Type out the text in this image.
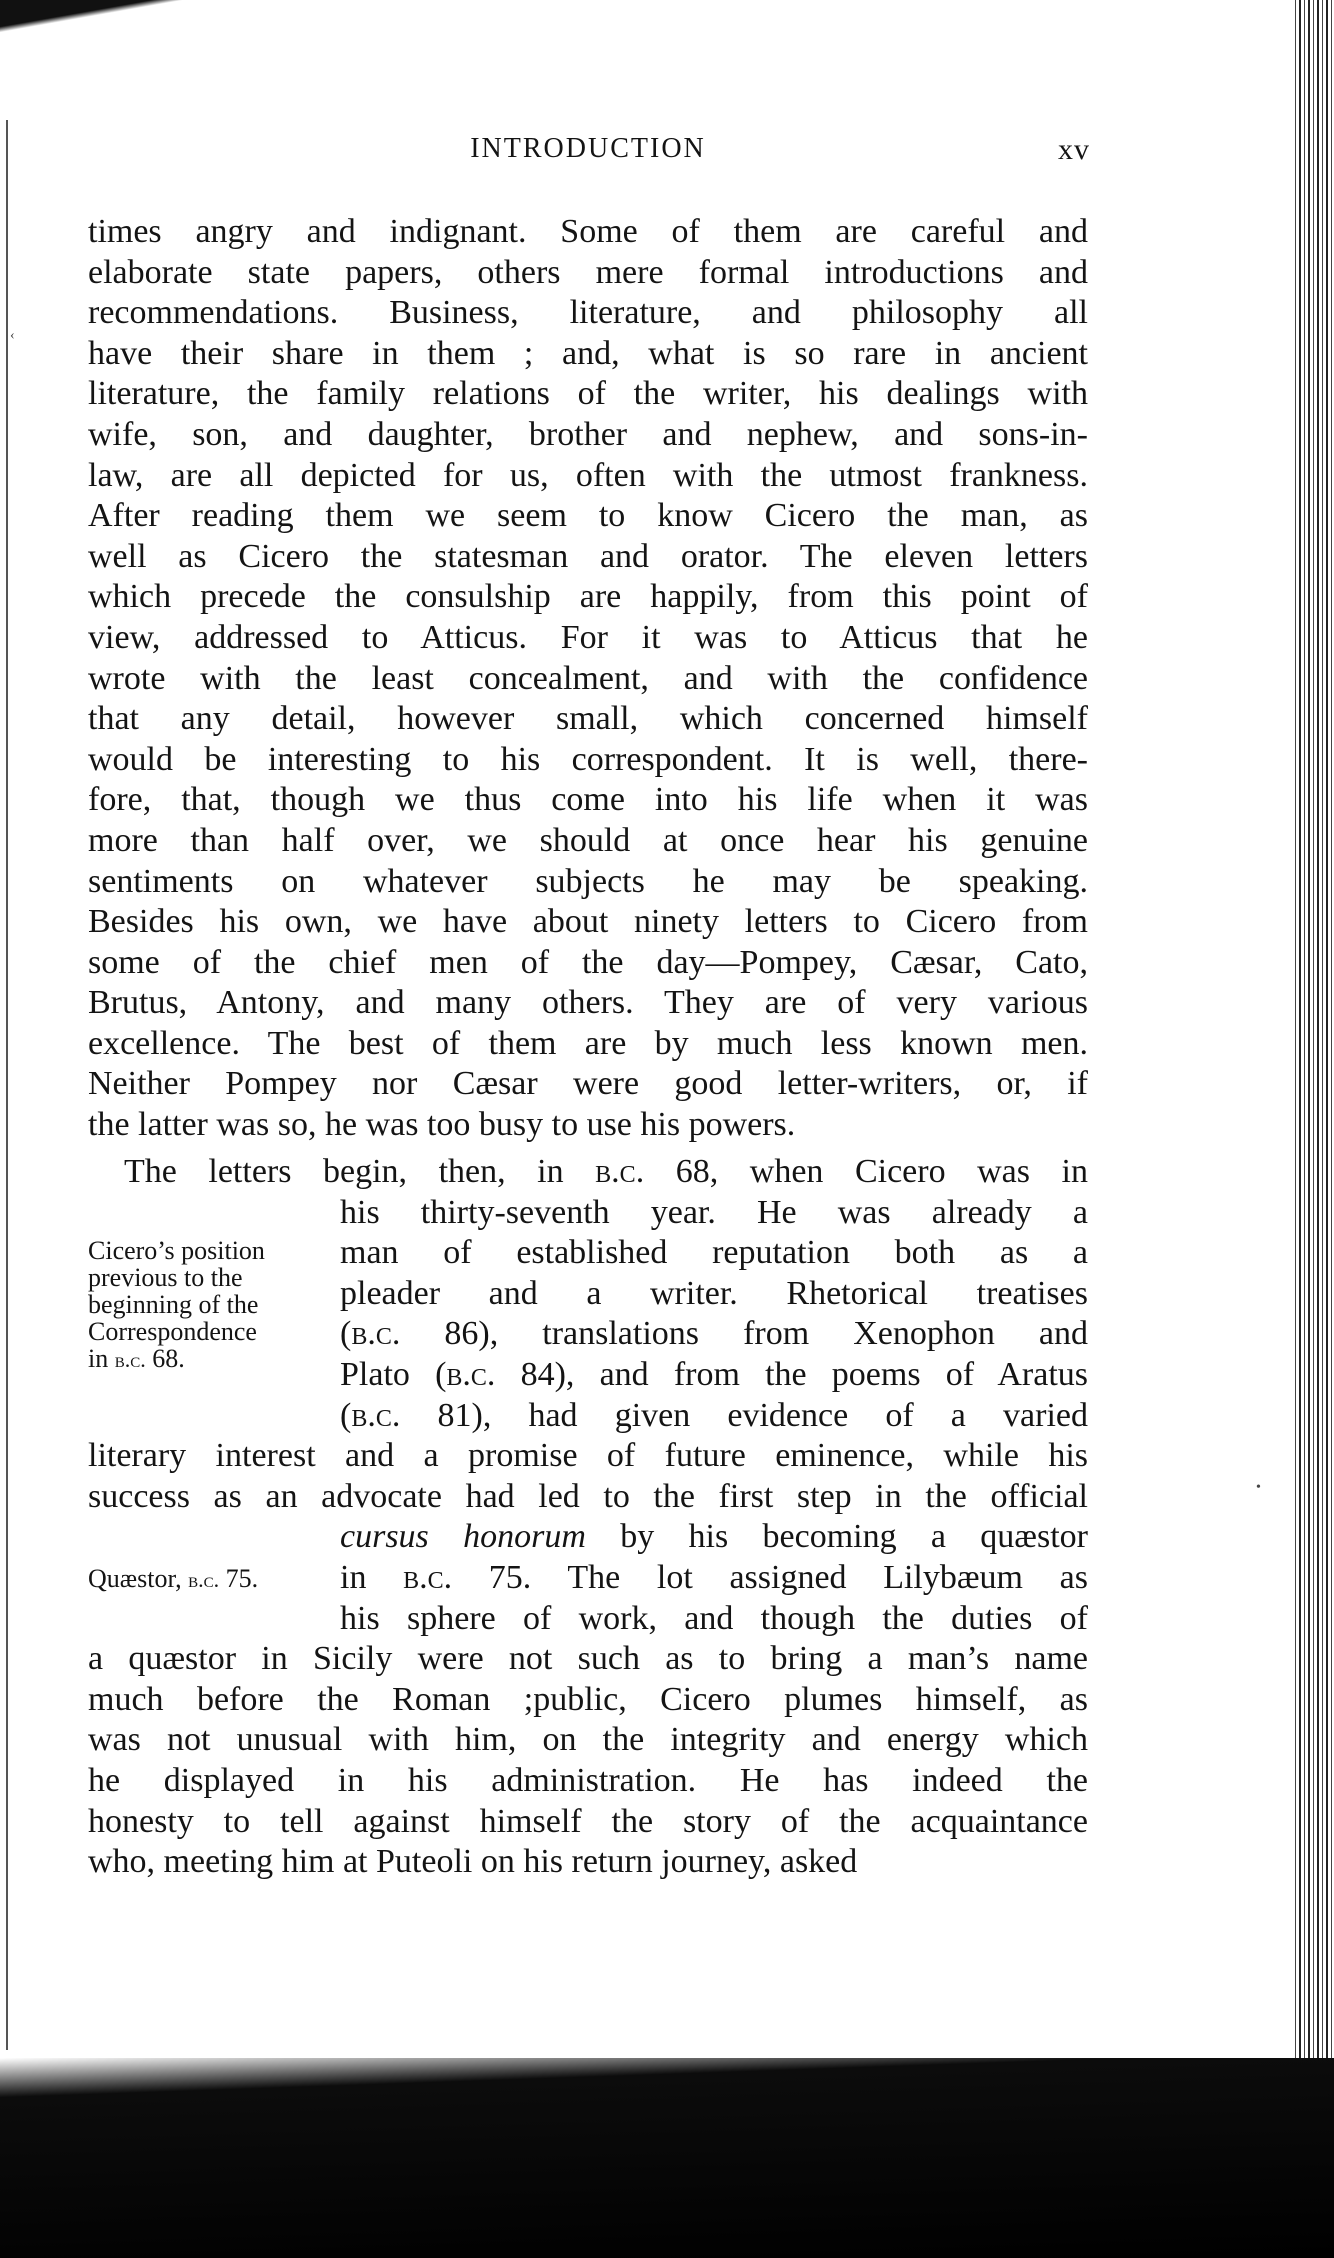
‹
•
INTRODUCTION	xv
times angry and indignant. Some of them are careful and
elaborate state papers, others mere formal introductions and
recommendations. Business, literature, and philosophy all
have their share in them ; and, what is so rare in ancient
literature, the family relations of the writer, his dealings with
wife, son, and daughter, brother and nephew, and sons-in-
law, are all depicted for us, often with the utmost frankness.
After reading them we seem to know Cicero the man, as
well as Cicero the statesman and orator. The eleven letters
which precede the consulship are happily, from this point of
view, addressed to Atticus. For it was to Atticus that he
wrote with the least concealment, and with the confidence
that any detail, however small, which concerned himself
would be interesting to his correspondent. It is well, there-
fore, that, though we thus come into his life when it was
more than half over, we should at once hear his genuine
sentiments on whatever subjects he may be speaking.
Besides his own, we have about ninety letters to Cicero from
some of the chief men of the day—Pompey, Cæsar, Cato,
Brutus, Antony, and many others. They are of very various
excellence. The best of them are by much less known men.
Neither Pompey nor Cæsar were good letter-writers, or, if
the latter was so, he was too busy to use his powers.
The letters begin, then, in b.c. 68, when Cicero was in
his thirty-seventh year. He was already a
man of established reputation both as a
pleader and a writer. Rhetorical treatises
(b.c. 86), translations from Xenophon and
Plato (b.c. 84), and from the poems of Aratus
(b.c. 81), had given evidence of a varied
literary interest and a promise of future eminence, while his
success as an advocate had led to the first step in the official
cursus honorum by his becoming a quæstor
in b.c. 75. The lot assigned Lilybæum as
his sphere of work, and though the duties of
a quæstor in Sicily were not such as to bring a man’s name
much before the Roman ;public, Cicero plumes himself, as
was not unusual with him, on the integrity and energy which
he displayed in his administration. He has indeed the
honesty to tell against himself the story of the acquaintance
who, meeting him at Puteoli on his return journey, asked
Cicero’s position
previous to the
beginning of the
Correspondence
in b.c. 68.
Quæstor, b.c. 75.
